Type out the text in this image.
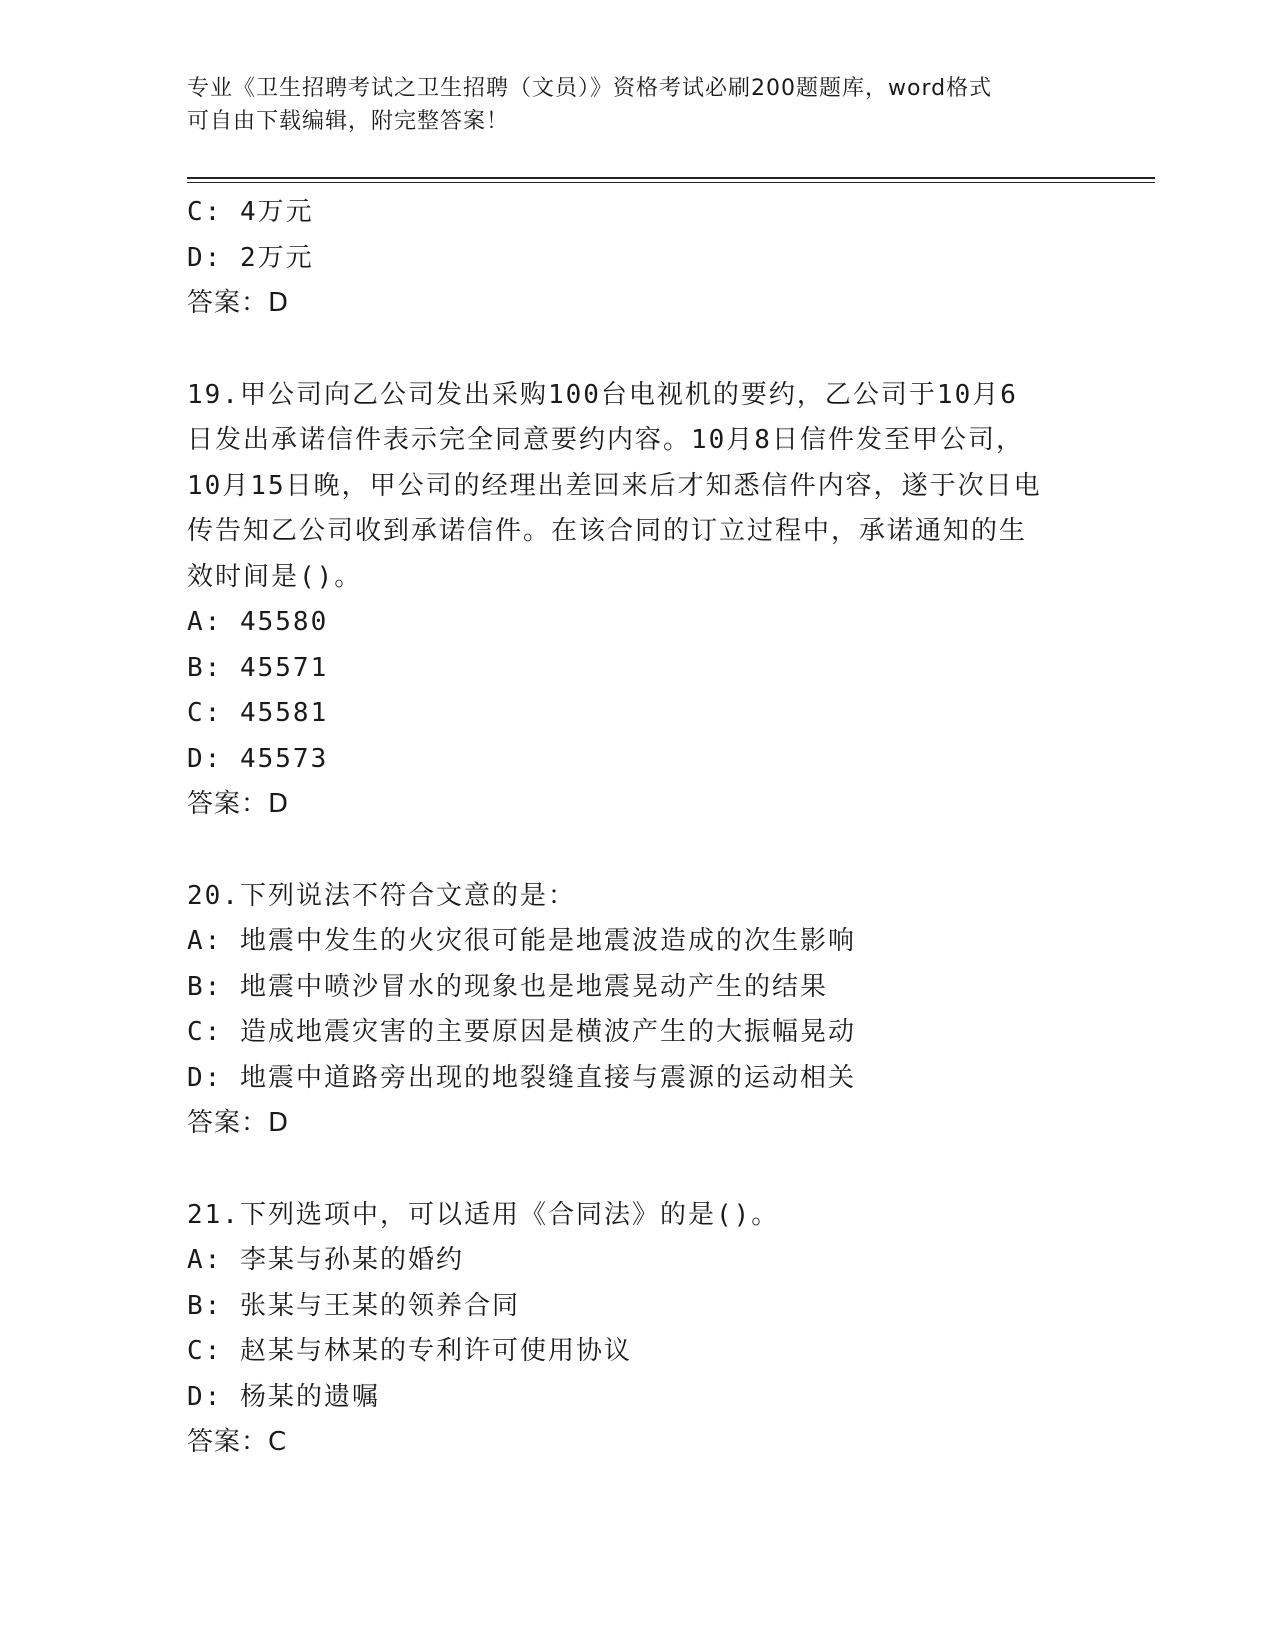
专业《卫生招聘考试之卫生招聘（文员）》资格考试必刷200题题库，word格式
可自由下载编辑，附完整答案！
C: 4万元
D: 2万元
答案：D
19.甲公司向乙公司发出采购100台电视机的要约，乙公司于10月6
日发出承诺信件表示完全同意要约内容。10月8日信件发至甲公司，
10月15日晚，甲公司的经理出差回来后才知悉信件内容，遂于次日电
传告知乙公司收到承诺信件。在该合同的订立过程中，承诺通知的生
效时间是()。
A: 45580
B: 45571
C: 45581
D: 45573
答案：D
20.下列说法不符合文意的是：
A: 地震中发生的火灾很可能是地震波造成的次生影响
B: 地震中喷沙冒水的现象也是地震晃动产生的结果
C: 造成地震灾害的主要原因是横波产生的大振幅晃动
D: 地震中道路旁出现的地裂缝直接与震源的运动相关
答案：D
21.下列选项中，可以适用《合同法》的是()。
A: 李某与孙某的婚约
B: 张某与王某的领养合同
C: 赵某与林某的专利许可使用协议
D: 杨某的遗嘱
答案：C
